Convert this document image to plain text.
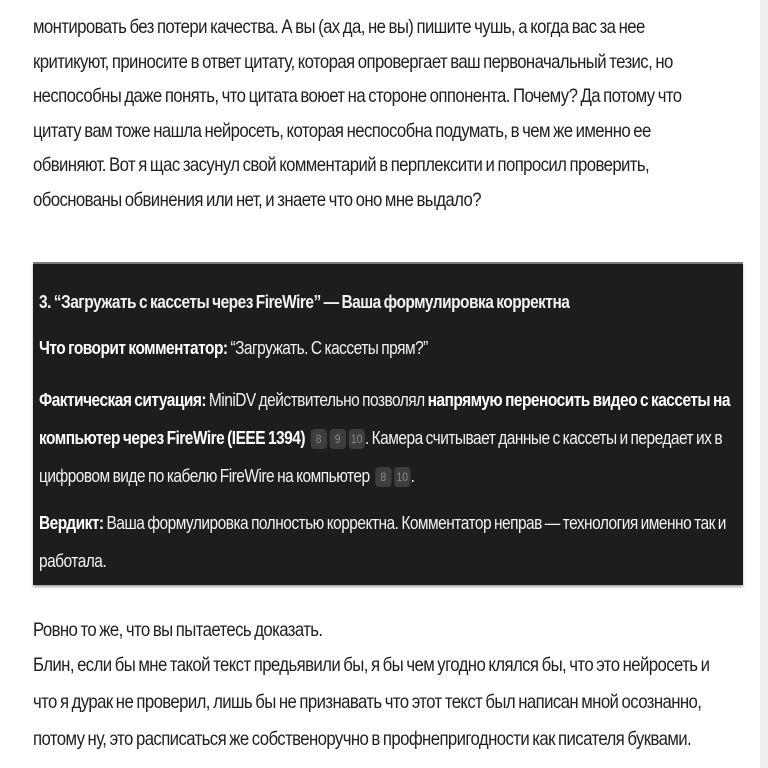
монтировать без потери качества. А вы (ах да, не вы) пишите чушь, а когда вас за нее

критикуют, приносите в ответ цитату, которая опровергает ваш первоначальный тезис, но

неспособны даже понять, что цитата воюет на стороне оппонента. Почему? Да потому что

цитату вам тоже нашла нейросеть, которая неспособна подумать, в чем же именно ее

обвиняют. Вот я щас засунул свой комментарий в перплексити и попросил проверить,

обоснованы обвинения или нет, и знаете что оно мне выдало?

3. “Загружать с кассеты через FireWire” — Ваша формулировка корректна

Что говорит комментатор: “Загружать. С кассеты прям?”

Фактическая ситуация: MiniDV действительно позволял напрямую переносить видео с кассеты на

компьютер через FireWire (IEEE 1394) 8 9 10 . Камера считывает данные с кассеты и передает их в

цифровом виде по кабелю FireWire на компьютер 8 10 .

Вердикт: Ваша формулировка полностью корректна. Комментатор неправ — технология именно так и

работала.

Ровно то же, что вы пытаетесь доказать.

Блин, если бы мне такой текст предьявили бы, я бы чем угодно клялся бы, что это нейросеть и

что я дурак не проверил, лишь бы не признавать что этот текст был написан мной осознанно,

потому ну, это расписаться же собственоручно в профнепригодности как писателя буквами.
